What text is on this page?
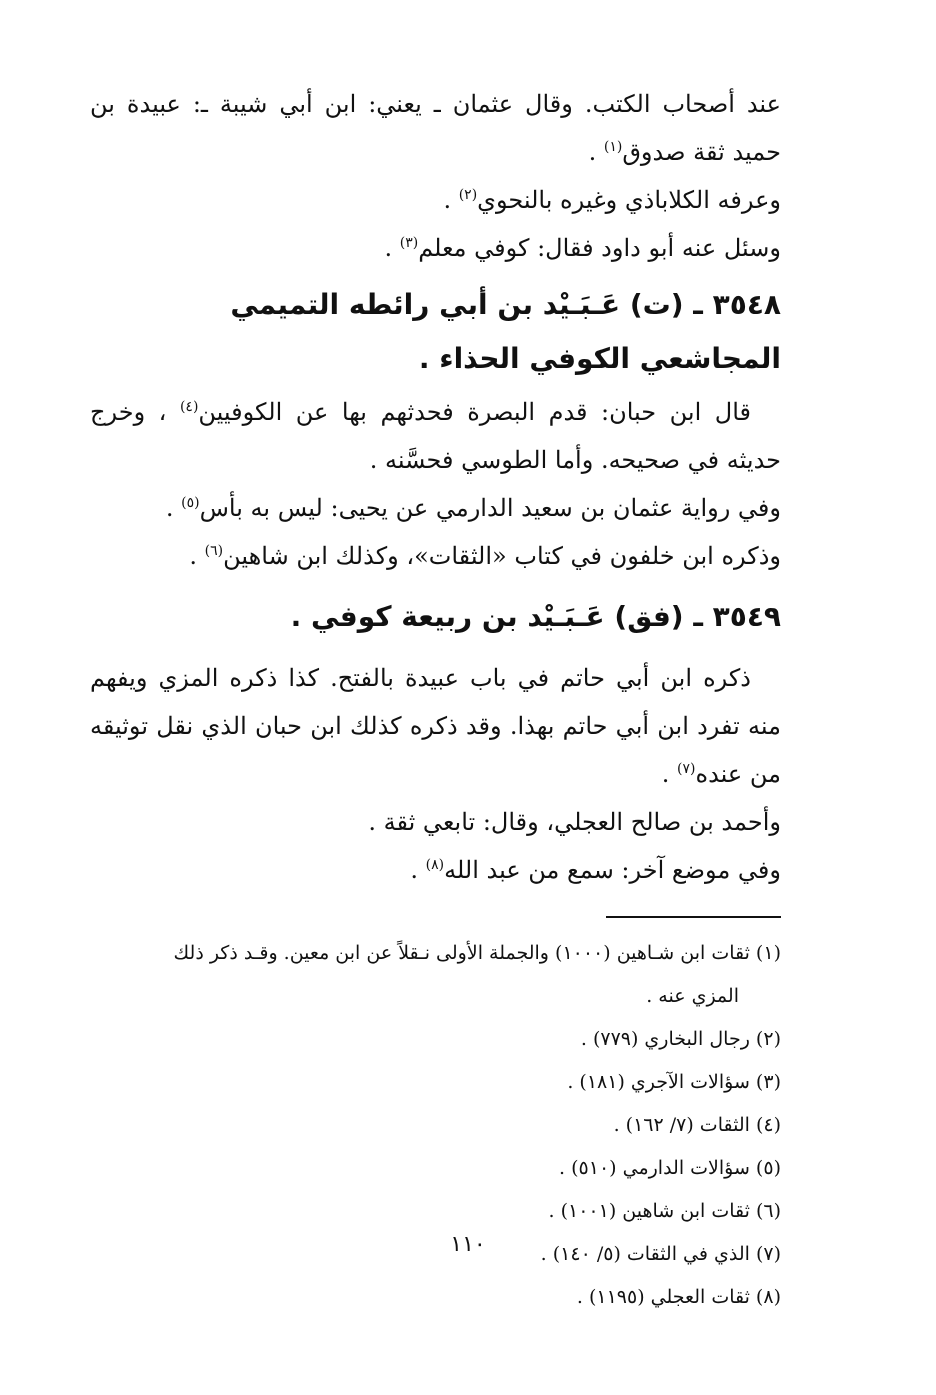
عند أصحاب الكتب. وقال عثمان ـ يعني: ابن أبي شيبة ـ: عبيدة بن حميد ثقة صدوق$^{(١)}$ .

وعرفه الكلاباذي وغيره بالنحوي$^{(٢)}$ .

وسئل عنه أبو داود فقال: كوفي معلم$^{(٣)}$ .

٣٥٤٨ ـ (ت) عَـبَـيْد بن أبي رائطه التميمي المجاشعي الكوفي الحذاء .

قال ابن حبان: قدم البصرة فحدثهم بها عن الكوفيين$^{(٤)}$ ، وخرج حديثه في صحيحه. وأما الطوسي فحسَّنه .

وفي رواية عثمان بن سعيد الدارمي عن يحيى: ليس به بأس$^{(٥)}$ .

وذكره ابن خلفون في كتاب «الثقات»، وكذلك ابن شاهين$^{(٦)}$ .

٣٥٤٩ ـ (فق) عَـبَـيْد بن ربيعة كوفي .

ذكره ابن أبي حاتم في باب عبيدة بالفتح. كذا ذكره المزي ويفهم منه تفرد ابن أبي حاتم بهذا. وقد ذكره كذلك ابن حبان الذي نقل توثيقه من عنده$^{(٧)}$ .

وأحمد بن صالح العجلي، وقال: تابعي ثقة .

وفي موضع آخر: سمع من عبد الله$^{(٨)}$ .

(١) ثقات ابن شـاهين (١٠٠٠) والجملة الأولى نـقلاً عن ابن معين. وقـد ذكر ذلك

المزي عنه .

(٢) رجال البخاري (٧٧٩) .

(٣) سؤالات الآجري (١٨١) .

(٤) الثقات (٧/ ١٦٢) .

(٥) سؤالات الدارمي (٥١٠) .

(٦) ثقات ابن شاهين (١٠٠١) .

(٧) الذي في الثقات (٥/ ١٤٠) .

(٨) ثقات العجلي (١١٩٥) .

١١٠
